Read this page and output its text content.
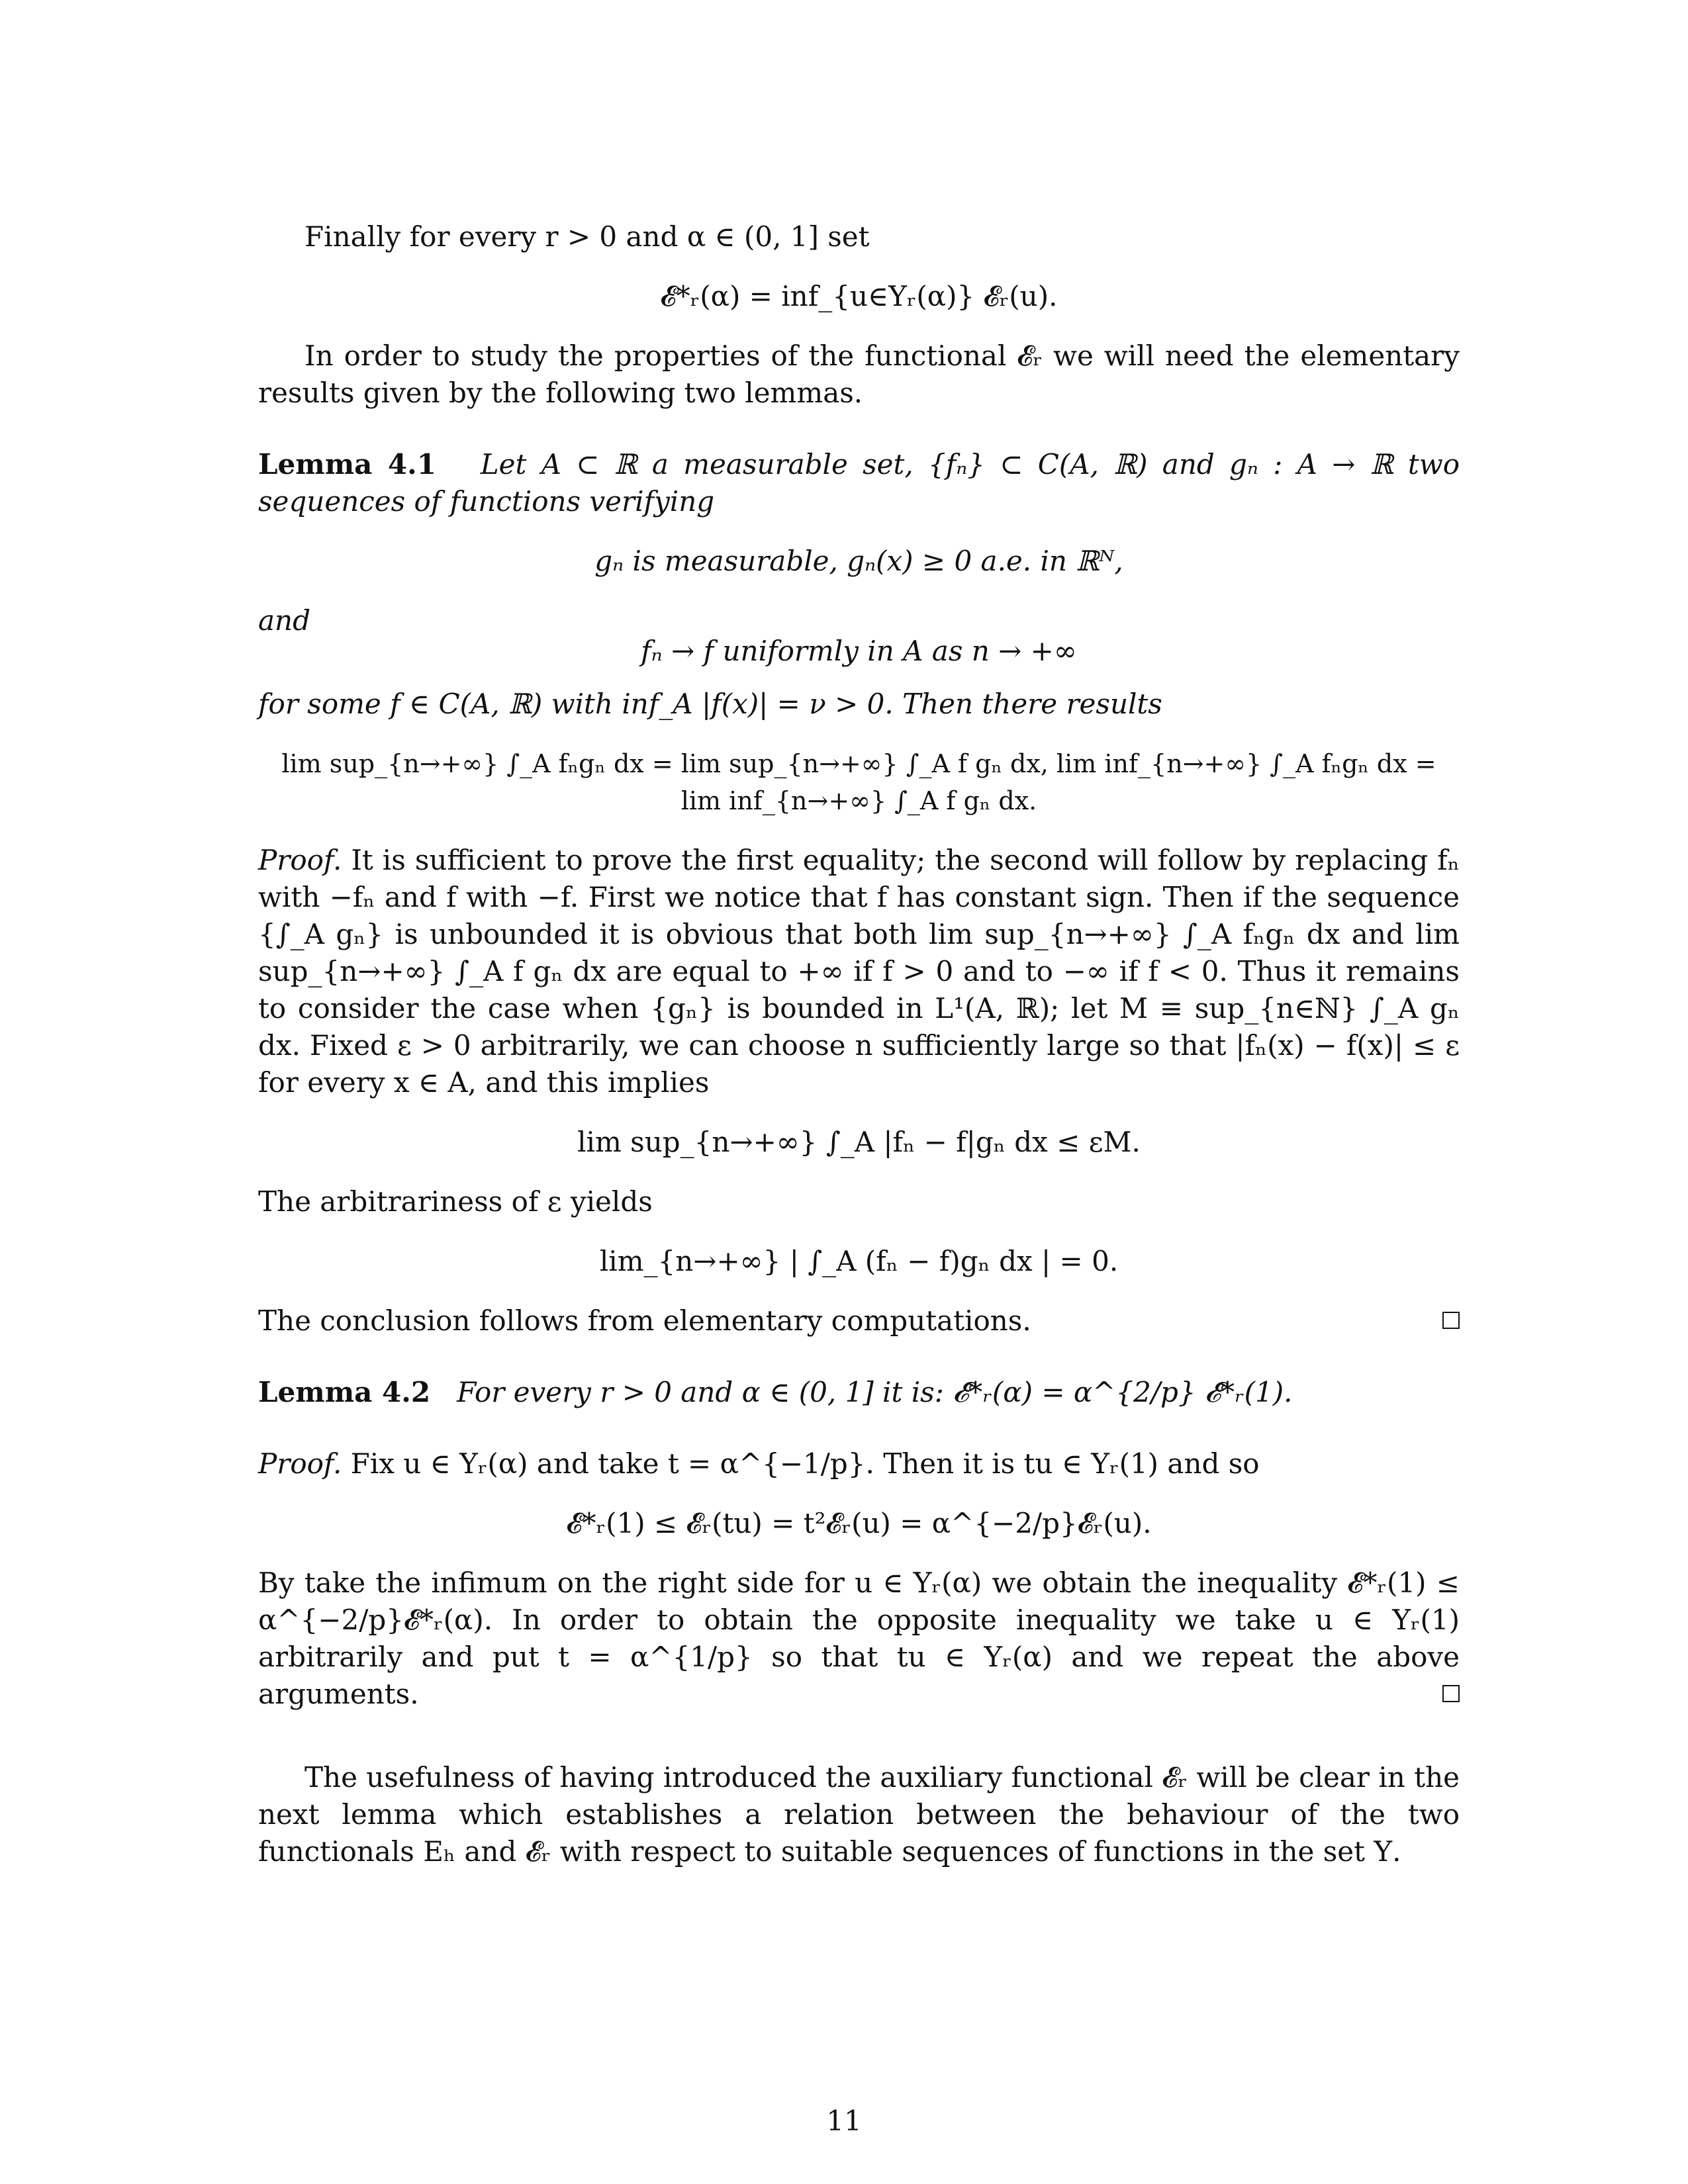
Finally for every r > 0 and α ∈ (0, 1] set

𝓔*ᵣ(α) = inf_{u∈Υᵣ(α)} 𝓔ᵣ(u).

In order to study the properties of the functional 𝓔ᵣ we will need the elementary results given by the following two lemmas.

Lemma 4.1 Let A ⊂ ℝ a measurable set, {fₙ} ⊂ C(A, ℝ) and gₙ : A → ℝ two sequences of functions verifying

gₙ is measurable, gₙ(x) ≥ 0 a.e. in ℝᴺ,

and

fₙ → f uniformly in A as n → +∞

for some f ∈ C(A, ℝ) with inf_A |f(x)| = ν > 0. Then there results

lim sup_{n→+∞} ∫_A fₙgₙ dx = lim sup_{n→+∞} ∫_A f gₙ dx, lim inf_{n→+∞} ∫_A fₙgₙ dx = lim inf_{n→+∞} ∫_A f gₙ dx.

Proof. It is sufficient to prove the first equality; the second will follow by replacing fₙ with −fₙ and f with −f. First we notice that f has constant sign. Then if the sequence {∫_A gₙ} is unbounded it is obvious that both lim sup_{n→+∞} ∫_A fₙgₙ dx and lim sup_{n→+∞} ∫_A f gₙ dx are equal to +∞ if f > 0 and to −∞ if f < 0. Thus it remains to consider the case when {gₙ} is bounded in L¹(A, ℝ); let M ≡ sup_{n∈ℕ} ∫_A gₙ dx. Fixed ε > 0 arbitrarily, we can choose n sufficiently large so that |fₙ(x) − f(x)| ≤ ε for every x ∈ A, and this implies

lim sup_{n→+∞} ∫_A |fₙ − f|gₙ dx ≤ εM.

The arbitrariness of ε yields

lim_{n→+∞} | ∫_A (fₙ − f)gₙ dx | = 0.

The conclusion follows from elementary computations.

Lemma 4.2 For every r > 0 and α ∈ (0, 1] it is: 𝓔*ᵣ(α) = α^{2/p} 𝓔*ᵣ(1).

Proof. Fix u ∈ Υᵣ(α) and take t = α^{−1/p}. Then it is tu ∈ Υᵣ(1) and so

𝓔*ᵣ(1) ≤ 𝓔ᵣ(tu) = t²𝓔ᵣ(u) = α^{−2/p}𝓔ᵣ(u).

By take the infimum on the right side for u ∈ Υᵣ(α) we obtain the inequality 𝓔*ᵣ(1) ≤ α^{−2/p}𝓔*ᵣ(α). In order to obtain the opposite inequality we take u ∈ Υᵣ(1) arbitrarily and put t = α^{1/p} so that tu ∈ Υᵣ(α) and we repeat the above arguments.

The usefulness of having introduced the auxiliary functional 𝓔ᵣ will be clear in the next lemma which establishes a relation between the behaviour of the two functionals Eₕ and 𝓔ᵣ with respect to suitable sequences of functions in the set Υ.

11
